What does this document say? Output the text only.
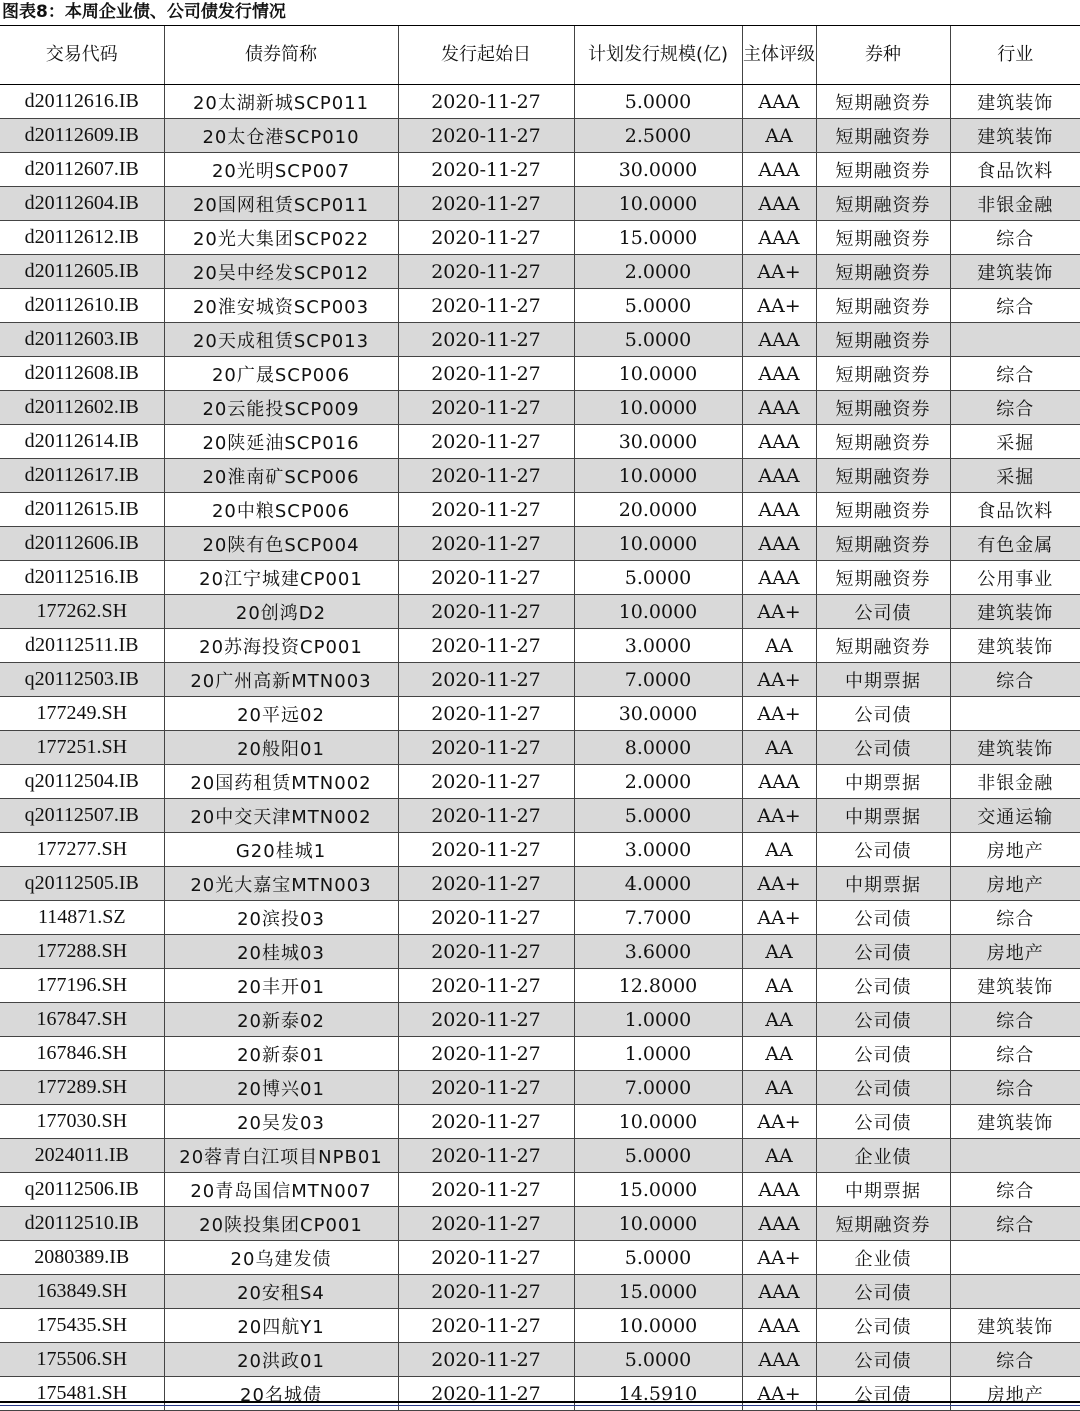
图表8：本周企业债、公司债发行情况
交易代码	债券简称	发行起始日	计划发行规模(亿)	主体评级	券种	行业
d20112616.IB	20太湖新城SCP011	2020-11-27	5.0000	AAA	短期融资券	建筑装饰
d20112609.IB	20太仓港SCP010	2020-11-27	2.5000	AA	短期融资券	建筑装饰
d20112607.IB	20光明SCP007	2020-11-27	30.0000	AAA	短期融资券	食品饮料
d20112604.IB	20国网租赁SCP011	2020-11-27	10.0000	AAA	短期融资券	非银金融
d20112612.IB	20光大集团SCP022	2020-11-27	15.0000	AAA	短期融资券	综合
d20112605.IB	20吴中经发SCP012	2020-11-27	2.0000	AA+	短期融资券	建筑装饰
d20112610.IB	20淮安城资SCP003	2020-11-27	5.0000	AA+	短期融资券	综合
d20112603.IB	20天成租赁SCP013	2020-11-27	5.0000	AAA	短期融资券	
d20112608.IB	20广晟SCP006	2020-11-27	10.0000	AAA	短期融资券	综合
d20112602.IB	20云能投SCP009	2020-11-27	10.0000	AAA	短期融资券	综合
d20112614.IB	20陕延油SCP016	2020-11-27	30.0000	AAA	短期融资券	采掘
d20112617.IB	20淮南矿SCP006	2020-11-27	10.0000	AAA	短期融资券	采掘
d20112615.IB	20中粮SCP006	2020-11-27	20.0000	AAA	短期融资券	食品饮料
d20112606.IB	20陕有色SCP004	2020-11-27	10.0000	AAA	短期融资券	有色金属
d20112516.IB	20江宁城建CP001	2020-11-27	5.0000	AAA	短期融资券	公用事业
177262.SH	20创鸿D2	2020-11-27	10.0000	AA+	公司债	建筑装饰
d20112511.IB	20苏海投资CP001	2020-11-27	3.0000	AA	短期融资券	建筑装饰
q20112503.IB	20广州高新MTN003	2020-11-27	7.0000	AA+	中期票据	综合
177249.SH	20平远02	2020-11-27	30.0000	AA+	公司债	
177251.SH	20般阳01	2020-11-27	8.0000	AA	公司债	建筑装饰
q20112504.IB	20国药租赁MTN002	2020-11-27	2.0000	AAA	中期票据	非银金融
q20112507.IB	20中交天津MTN002	2020-11-27	5.0000	AA+	中期票据	交通运输
177277.SH	G20桂城1	2020-11-27	3.0000	AA	公司债	房地产
q20112505.IB	20光大嘉宝MTN003	2020-11-27	4.0000	AA+	中期票据	房地产
114871.SZ	20滨投03	2020-11-27	7.7000	AA+	公司债	综合
177288.SH	20桂城03	2020-11-27	3.6000	AA	公司债	房地产
177196.SH	20丰开01	2020-11-27	12.8000	AA	公司债	建筑装饰
167847.SH	20新泰02	2020-11-27	1.0000	AA	公司债	综合
167846.SH	20新泰01	2020-11-27	1.0000	AA	公司债	综合
177289.SH	20博兴01	2020-11-27	7.0000	AA	公司债	综合
177030.SH	20吴发03	2020-11-27	10.0000	AA+	公司债	建筑装饰
2024011.IB	20蓉青白江项目NPB01	2020-11-27	5.0000	AA	企业债	
q20112506.IB	20青岛国信MTN007	2020-11-27	15.0000	AAA	中期票据	综合
d20112510.IB	20陕投集团CP001	2020-11-27	10.0000	AAA	短期融资券	综合
2080389.IB	20乌建发债	2020-11-27	5.0000	AA+	企业债	
163849.SH	20安租S4	2020-11-27	15.0000	AAA	公司债	
175435.SH	20四航Y1	2020-11-27	10.0000	AAA	公司债	建筑装饰
175506.SH	20洪政01	2020-11-27	5.0000	AAA	公司债	综合
175481.SH	20名城债	2020-11-27	14.5910	AA+	公司债	房地产
